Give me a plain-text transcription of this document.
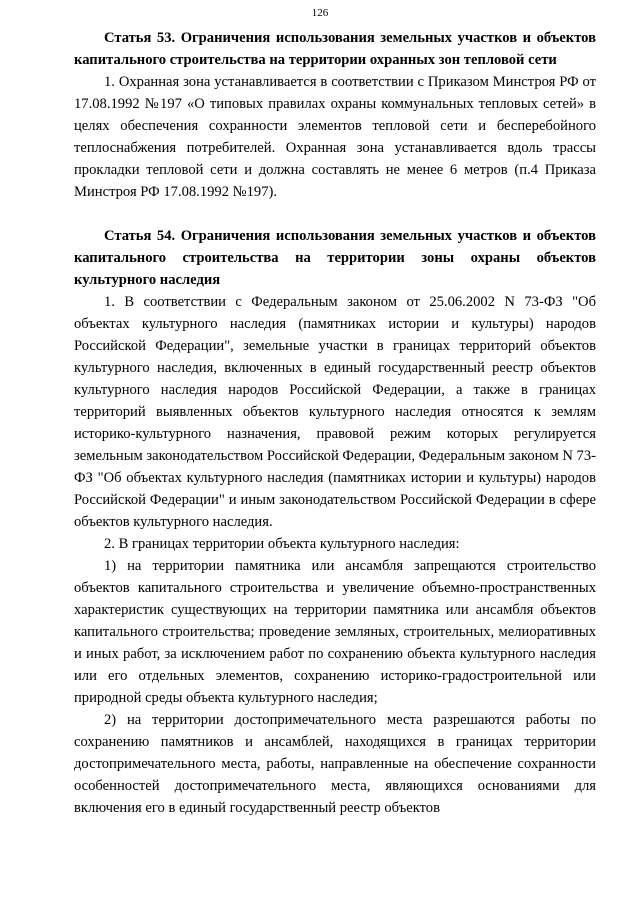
126

Статья 53. Ограничения использования земельных участков и объектов капитального строительства на территории охранных зон тепловой сети

1. Охранная зона устанавливается в соответствии с Приказом Минстроя РФ от 17.08.1992 №197 «О типовых правилах охраны коммунальных тепловых сетей» в целях обеспечения сохранности элементов тепловой сети и бесперебойного теплоснабжения потребителей. Охранная зона устанавливается вдоль трассы прокладки тепловой сети и должна составлять не менее 6 метров (п.4 Приказа Минстроя РФ 17.08.1992 №197).

Статья 54. Ограничения использования земельных участков и объектов капитального строительства на территории зоны охраны объектов культурного наследия

1. В соответствии с Федеральным законом от 25.06.2002 N 73-ФЗ "Об объектах культурного наследия (памятниках истории и культуры) народов Российской Федерации", земельные участки в границах территорий объектов культурного наследия, включенных в единый государственный реестр объектов культурного наследия народов Российской Федерации, а также в границах территорий выявленных объектов культурного наследия относятся к землям историко-культурного назначения, правовой режим которых регулируется земельным законодательством Российской Федерации, Федеральным законом N 73-ФЗ "Об объектах культурного наследия (памятниках истории и культуры) народов Российской Федерации" и иным законодательством Российской Федерации в сфере объектов культурного наследия.

2. В границах территории объекта культурного наследия:

1) на территории памятника или ансамбля запрещаются строительство объектов капитального строительства и увеличение объемно-пространственных характеристик существующих на территории памятника или ансамбля объектов капитального строительства; проведение земляных, строительных, мелиоративных и иных работ, за исключением работ по сохранению объекта культурного наследия или его отдельных элементов, сохранению историко-градостроительной или природной среды объекта культурного наследия;

2) на территории достопримечательного места разрешаются работы по сохранению памятников и ансамблей, находящихся в границах территории достопримечательного места, работы, направленные на обеспечение сохранности особенностей достопримечательного места, являющихся основаниями для включения его в единый государственный реестр объектов
